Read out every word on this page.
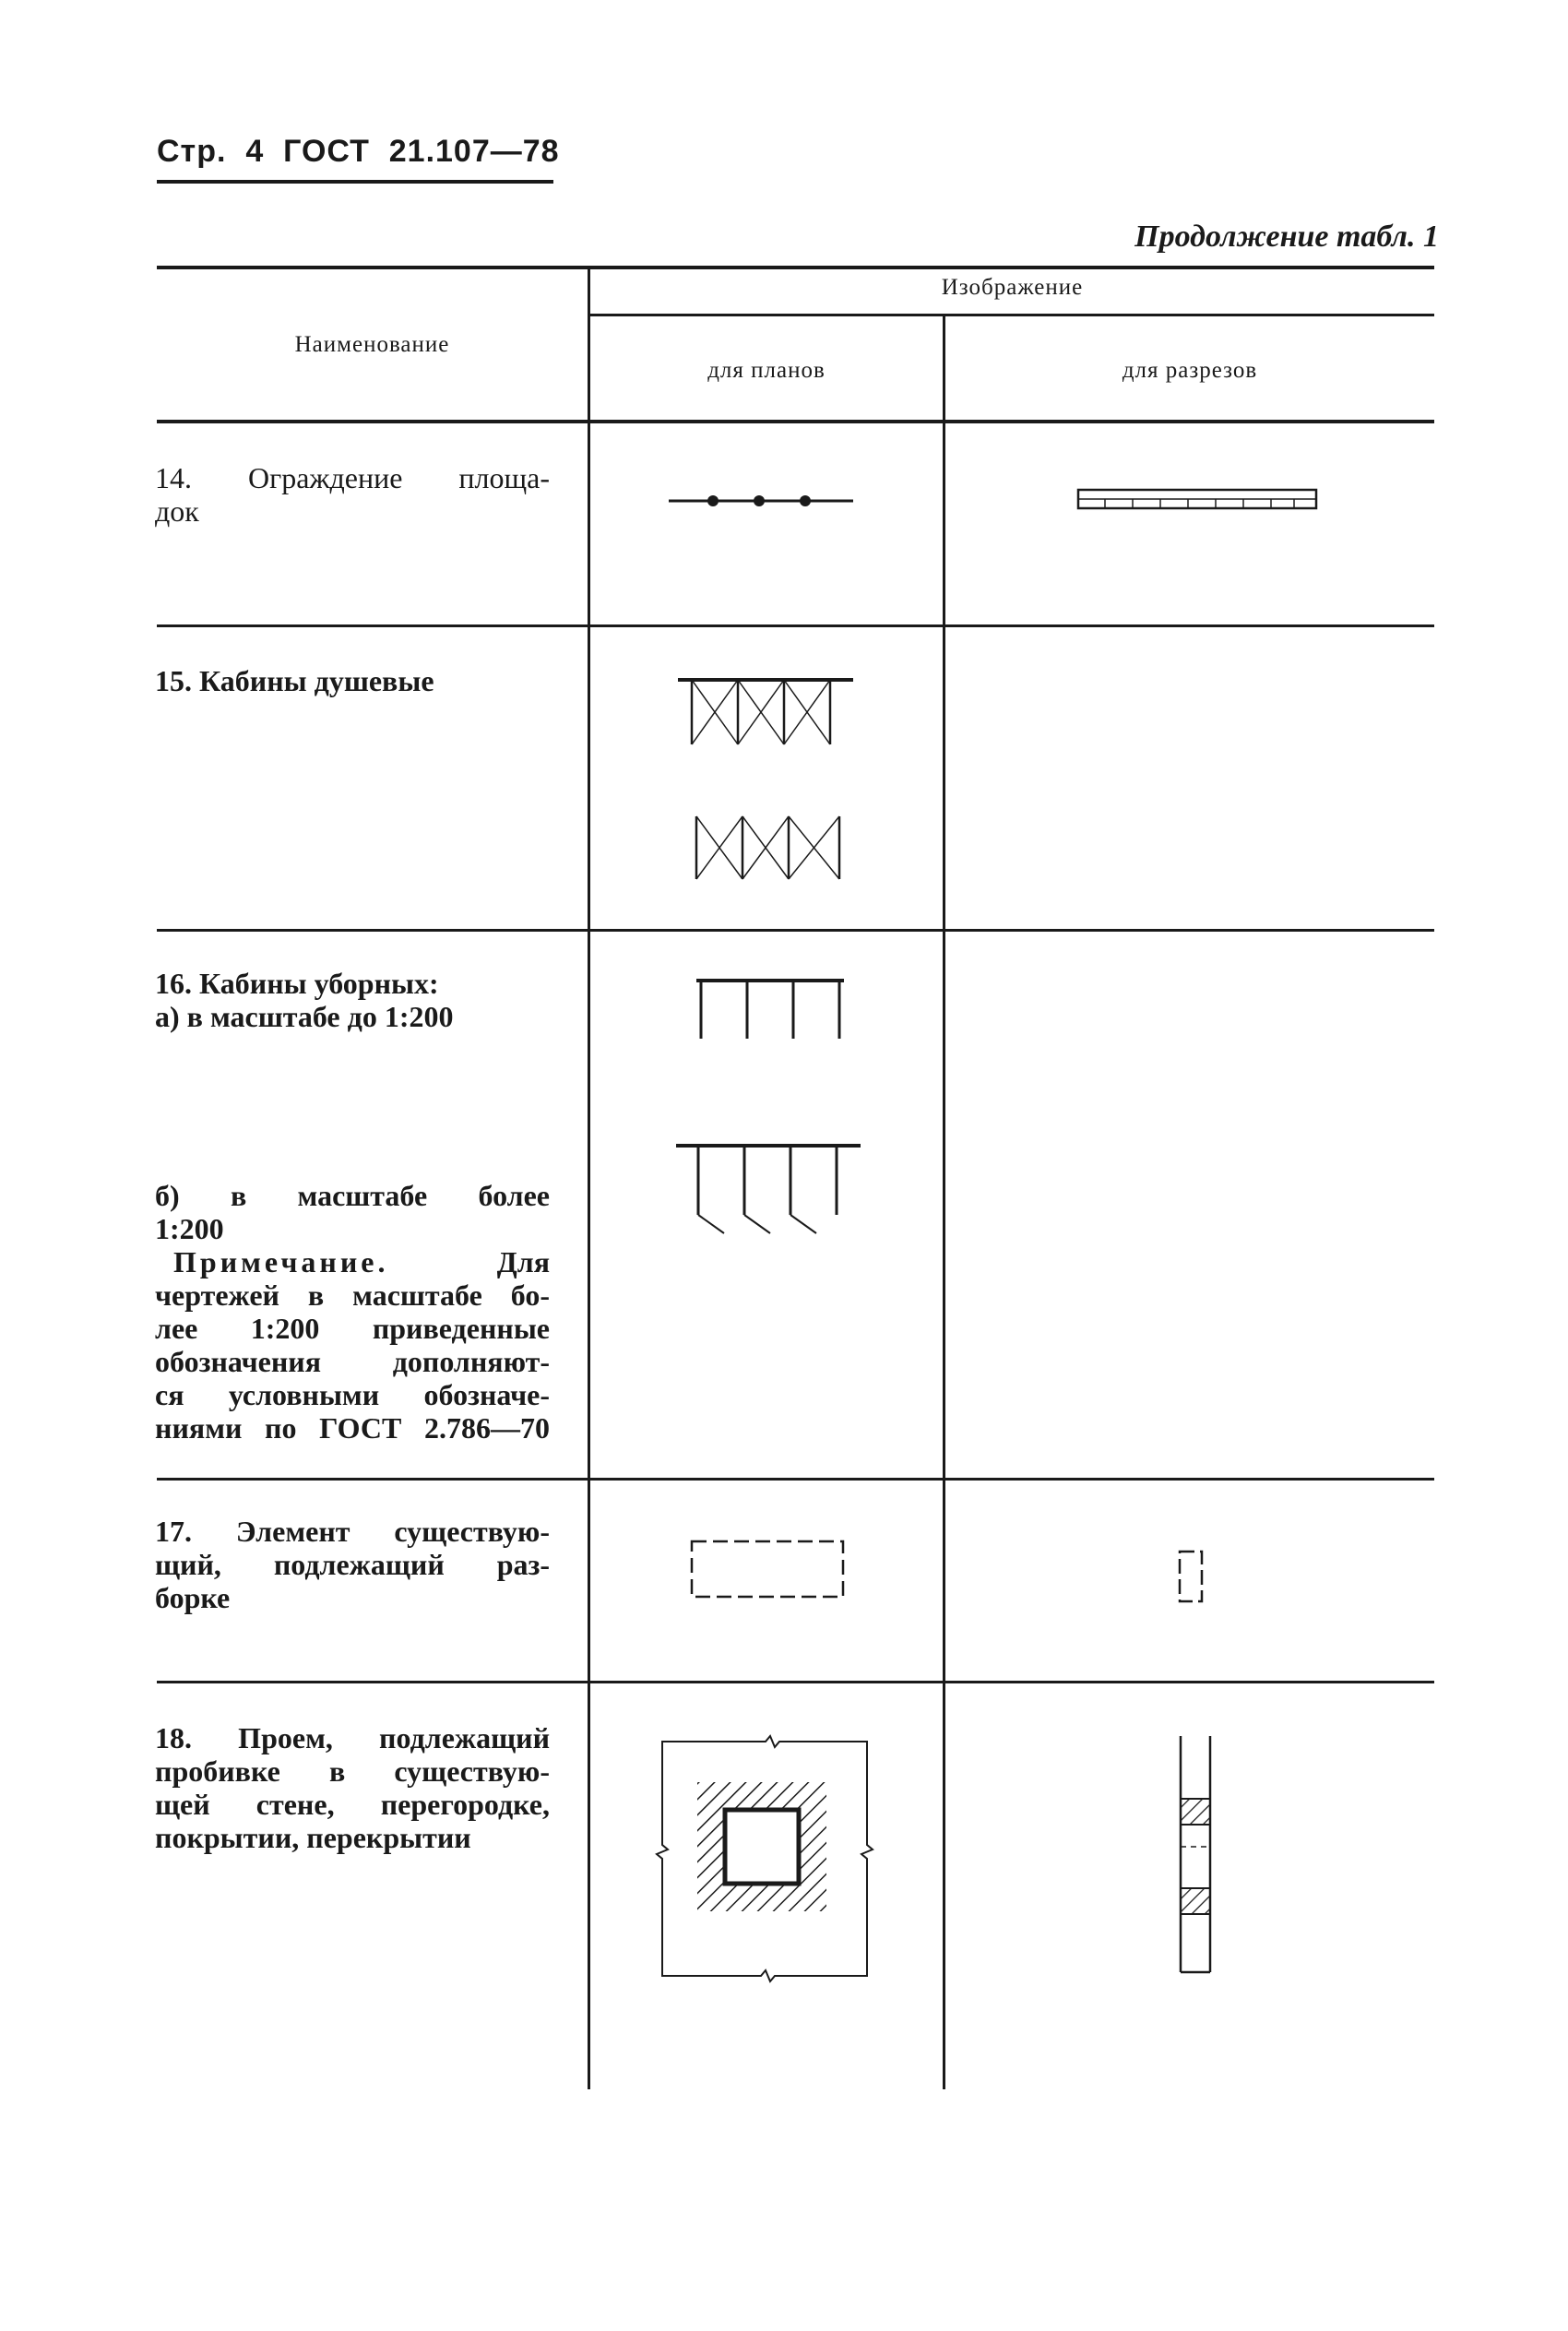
Стр.  4  ГОСТ  21.107—78
Продолжение табл. 1
Наименование
Изображение
для планов	для разрезов
14. Ограждение площа-
док
15. Кабины душевые
16. Кабины уборных:
а) в масштабе до 1:200
б) в масштабе более
1:200
Примечание. Для
чертежей в масштабе бо-
лее 1:200 приведенные
обозначения дополняют-
ся условными обозначе-
ниями по ГОСТ 2.786—70
17. Элемент существую-
щий, подлежащий раз-
борке
18. Проем, подлежащий
пробивке в существую-
щей стене, перегородке,
покрытии, перекрытии
